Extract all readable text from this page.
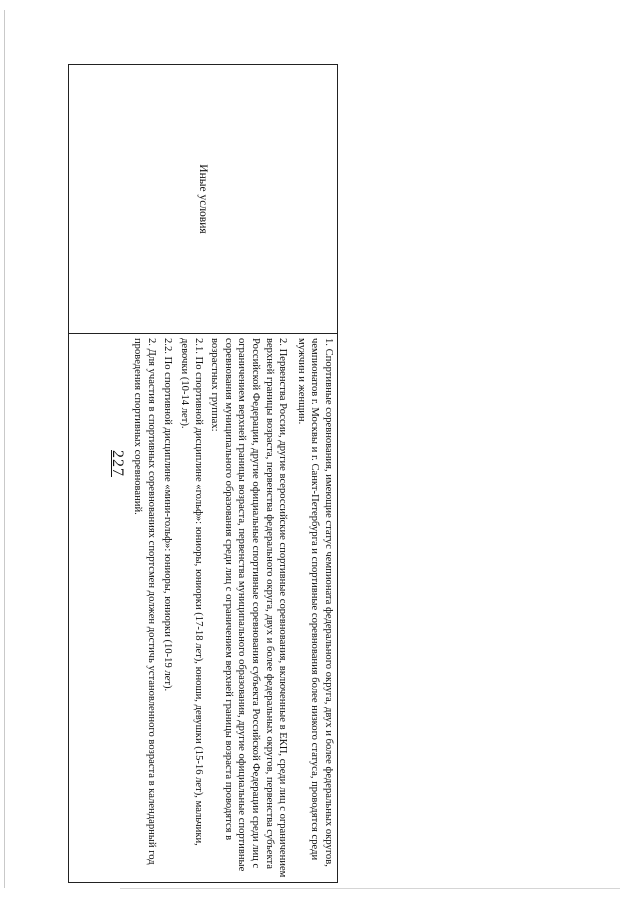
Иные условия	

1. Спортивные соревнования, имеющие статус чемпионата федерального округа, двух и более федеральных округов, чемпионатов г. Москвы и г. Санкт-Петербурга и спортивные соревнования более низкого статуса, проводятся среди мужчин и женщин.

2. Первенства России, другие всероссийские спортивные соревнования, включенные в ЕКП, среди лиц с ограничением верхней границы возраста, первенства федерального округа, двух и более федеральных округов, первенства субъекта Российской Федерации, другие официальные спортивные соревнования субъекта Российской Федерации среди лиц с ограничением верхней границы возраста, первенства муниципального образования, другие официальные спортивные соревнования муниципального образования среди лиц с ограничением верхней границы возраста проводятся в возрастных группах:

2.1. По спортивной дисциплине «гольф»: юниоры, юниорки (17-18 лет), юноши, девушки (15-16 лет), мальчики, девочки (10-14 лет).

2.2. По спортивной дисциплине «мини-гольф»: юниоры, юниорки (10-19 лет).

2. Для участия в спортивных соревнованиях спортсмен должен достичь установленного возраста в календарный год проведения спортивных соревнований.

227
